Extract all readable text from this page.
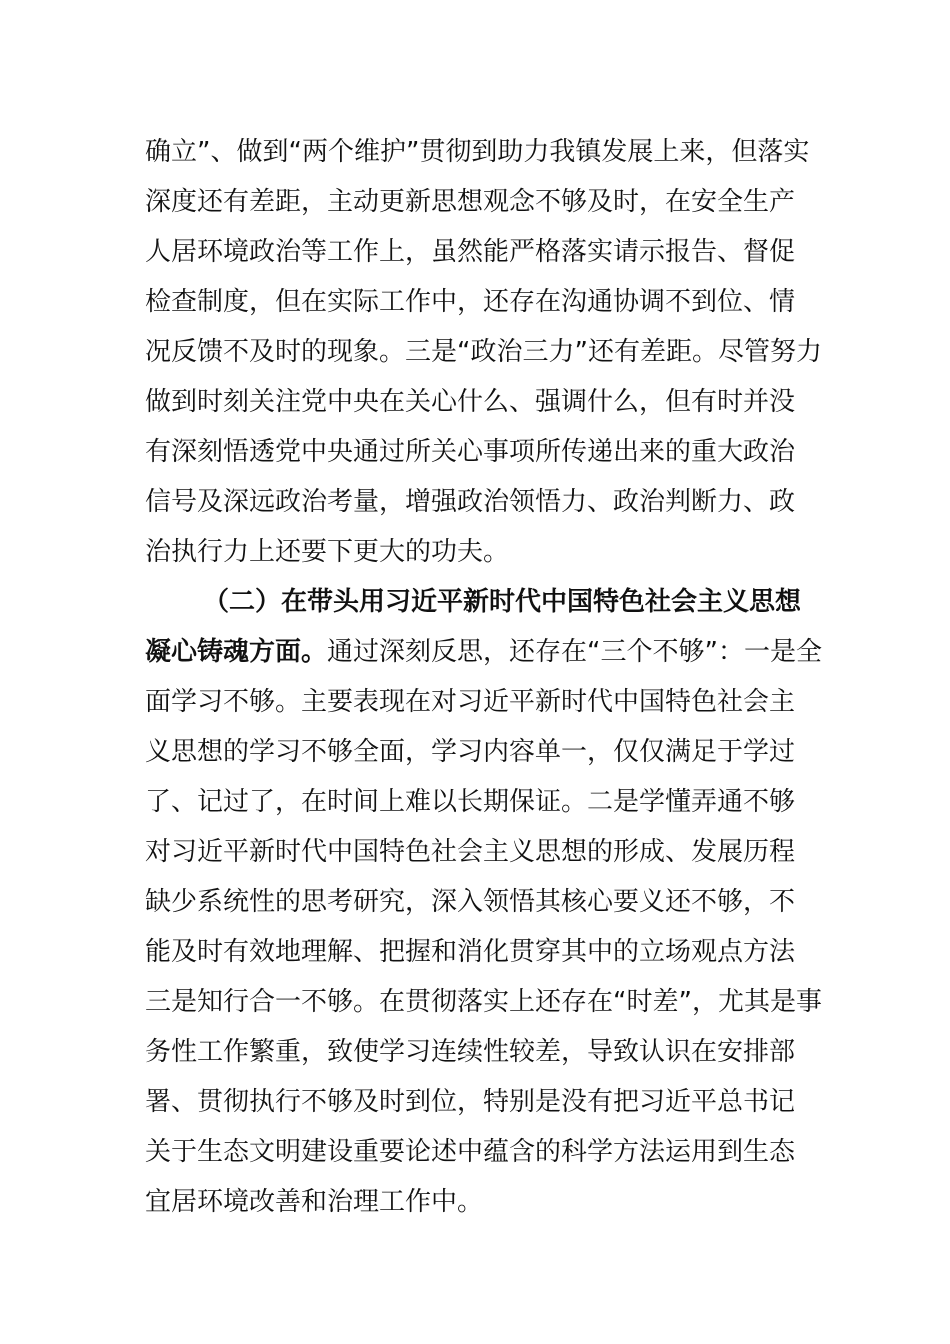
确立”、做到“两个维护”贯彻到助力我镇发展上来，但落实
深度还有差距，主动更新思想观念不够及时，在安全生产
人居环境政治等工作上，虽然能严格落实请示报告、督促
检查制度，但在实际工作中，还存在沟通协调不到位、情
况反馈不及时的现象。三是“政治三力”还有差距。尽管努力
做到时刻关注党中央在关心什么、强调什么，但有时并没
有深刻悟透党中央通过所关心事项所传递出来的重大政治
信号及深远政治考量，增强政治领悟力、政治判断力、政
治执行力上还要下更大的功夫。
（二）在带头用习近平新时代中国特色社会主义思想
凝心铸魂方面。通过深刻反思，还存在“三个不够”：一是全
面学习不够。主要表现在对习近平新时代中国特色社会主
义思想的学习不够全面，学习内容单一，仅仅满足于学过
了、记过了，在时间上难以长期保证。二是学懂弄通不够
对习近平新时代中国特色社会主义思想的形成、发展历程
缺少系统性的思考研究，深入领悟其核心要义还不够，不
能及时有效地理解、把握和消化贯穿其中的立场观点方法
三是知行合一不够。在贯彻落实上还存在“时差”，尤其是事
务性工作繁重，致使学习连续性较差，导致认识在安排部
署、贯彻执行不够及时到位，特别是没有把习近平总书记
关于生态文明建设重要论述中蕴含的科学方法运用到生态
宜居环境改善和治理工作中。
